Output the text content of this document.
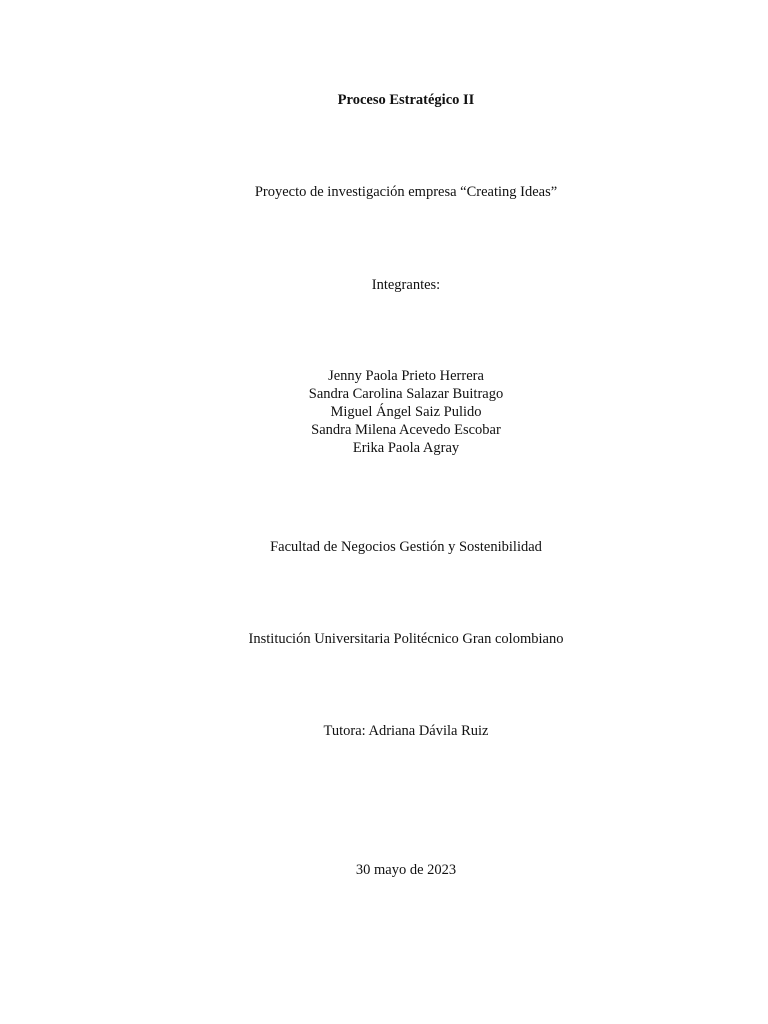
Proceso Estratégico II
Proyecto de investigación empresa “Creating Ideas”
Integrantes:
Jenny Paola Prieto Herrera
Sandra Carolina Salazar Buitrago
Miguel Ángel Saiz Pulido
Sandra Milena Acevedo Escobar
Erika Paola Agray
Facultad de Negocios Gestión y Sostenibilidad
Institución Universitaria Politécnico Gran colombiano
Tutora: Adriana Dávila Ruiz
30 mayo de 2023
